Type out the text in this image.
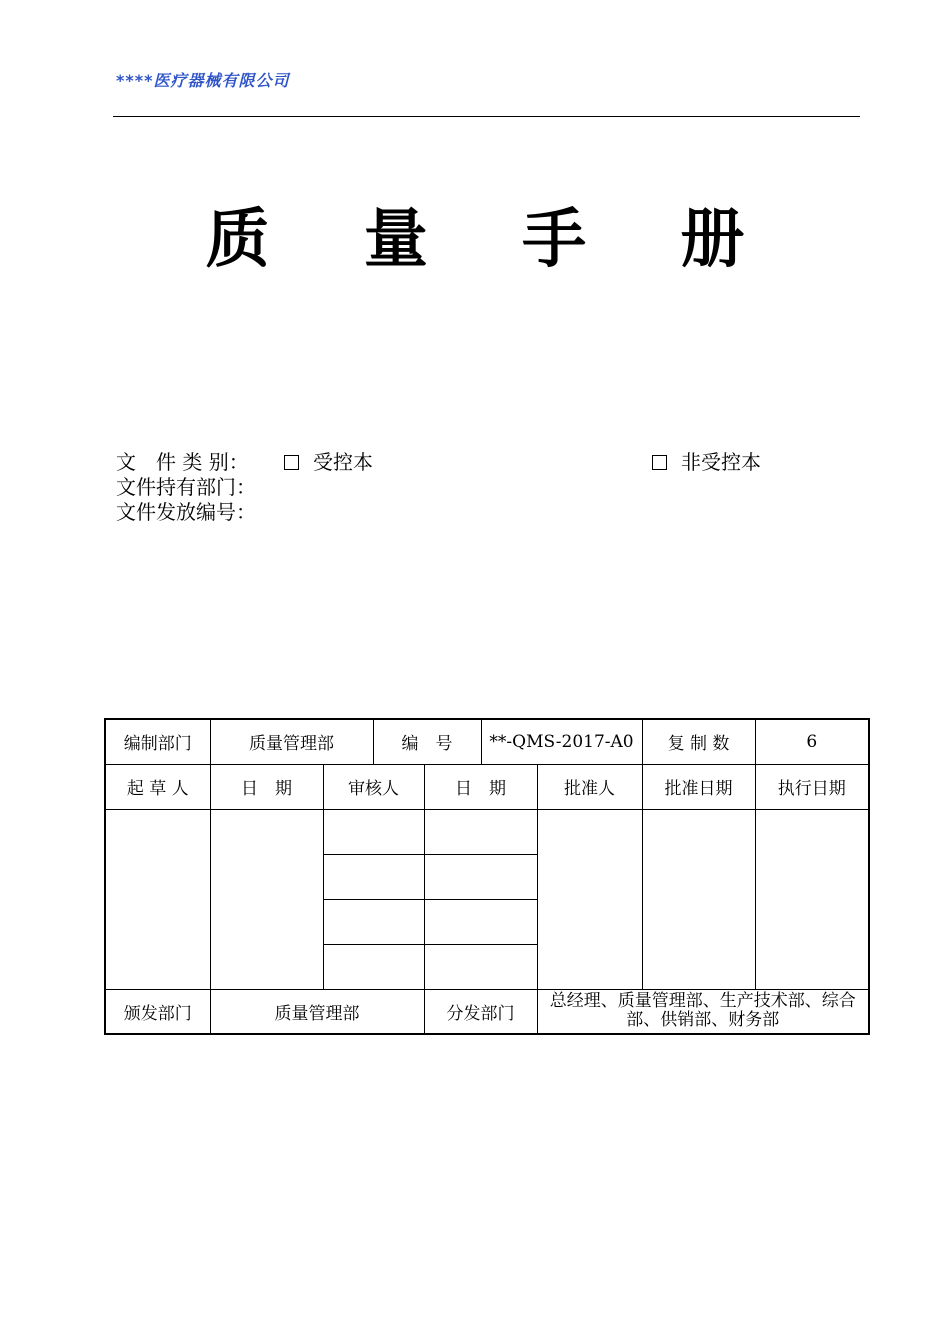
****医疗器械有限公司
质 量 手 册
文　件 类 别：	受控本	非受控本
文件持有部门：
文件发放编号：
编制部门	质量管理部		编　号		**-QMS-2017-A0		复 制 数	6
起 草 人	日　期	审核人		日　期		批准人	批准日期	执行日期

颁发部门	质量管理部			分发部门		总经理、质量管理部、生产技术部、综合部、供销部、财务部		
